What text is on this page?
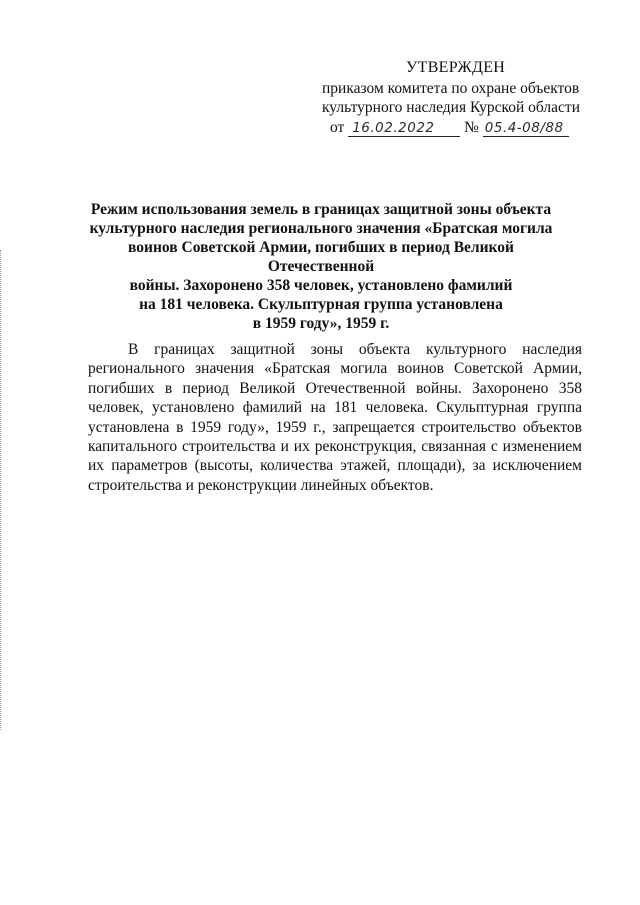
УТВЕРЖДЕН
приказом комитета по охране объектов
культурного наследия Курской области
от 16.02.2022 № 05.4-08/88
Режим использования земель в границах защитной зоны объекта
культурного наследия регионального значения «Братская могила
воинов Советской Армии, погибших в период Великой Отечественной
войны. Захоронено 358 человек, установлено фамилий
на 181 человека. Скульптурная группа установлена
в 1959 году», 1959 г.

В границах защитной зоны объекта культурного наследия регионального значения «Братская могила воинов Советской Армии, погибших в период Великой Отечественной войны. Захоронено 358 человек, установлено фамилий на 181 человека. Скульптурная группа установлена в 1959 году», 1959 г., запрещается строительство объектов капитального строительства и их реконструкция, связанная с изменением их параметров (высоты, количества этажей, площади), за исключением строительства и реконструкции линейных объектов.
